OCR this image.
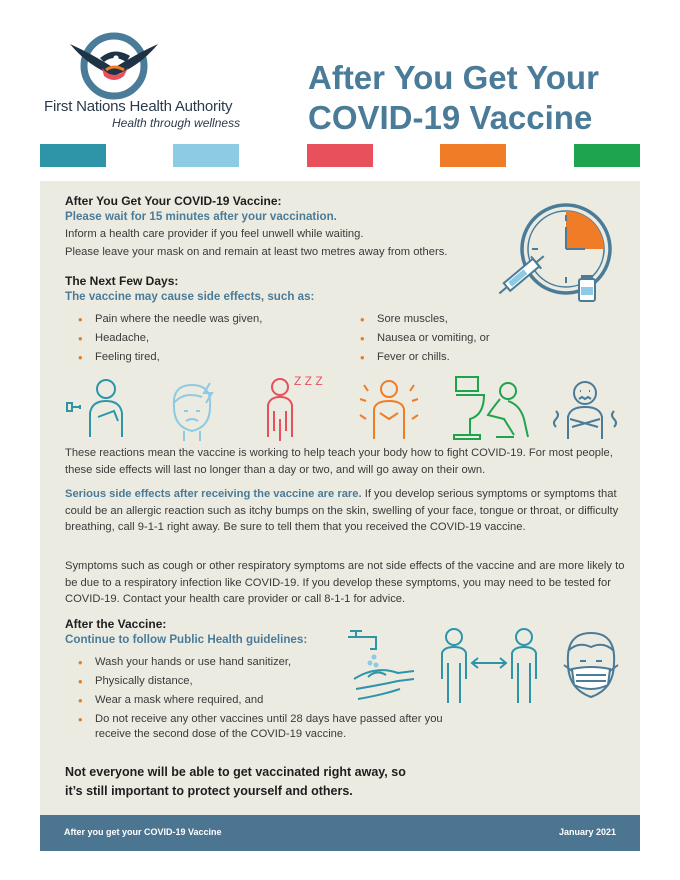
First Nations Health Authority
Health through wellness
After You Get Your
COVID-19 Vaccine
After You Get Your COVID-19 Vaccine:
Please wait for 15 minutes after your vaccination.
Inform a health care provider if you feel unwell while waiting.
Please leave your mask on and remain at least two metres away from others.
The Next Few Days:
The vaccine may cause side effects, such as:
• Pain where the needle was given,
• Headache,
• Feeling tired,
• Sore muscles,
• Nausea or vomiting, or
• Fever or chills.
Z Z Z
These reactions mean the vaccine is working to help teach your body how to fight COVID-19. For most people, these side effects will last no longer than a day or two, and will go away on their own.
Serious side effects after receiving the vaccine are rare. If you develop serious symptoms or symptoms that could be an allergic reaction such as itchy bumps on the skin, swelling of your face, tongue or throat, or difficulty breathing, call 9-1-1 right away. Be sure to tell them that you received the COVID-19 vaccine.
Symptoms such as cough or other respiratory symptoms are not side effects of the vaccine and are more likely to be due to a respiratory infection like COVID-19. If you develop these symptoms, you may need to be tested for COVID-19. Contact your health care provider or call 8-1-1 for advice.
After the Vaccine:
Continue to follow Public Health guidelines:
• Wash your hands or use hand sanitizer,
• Physically distance,
• Wear a mask where required, and
• Do not receive any other vaccines until 28 days have passed after you receive the second dose of the COVID-19 vaccine.
Not everyone will be able to get vaccinated right away, so
it’s still important to protect yourself and others.
After you get your COVID-19 Vaccine	January 2021
